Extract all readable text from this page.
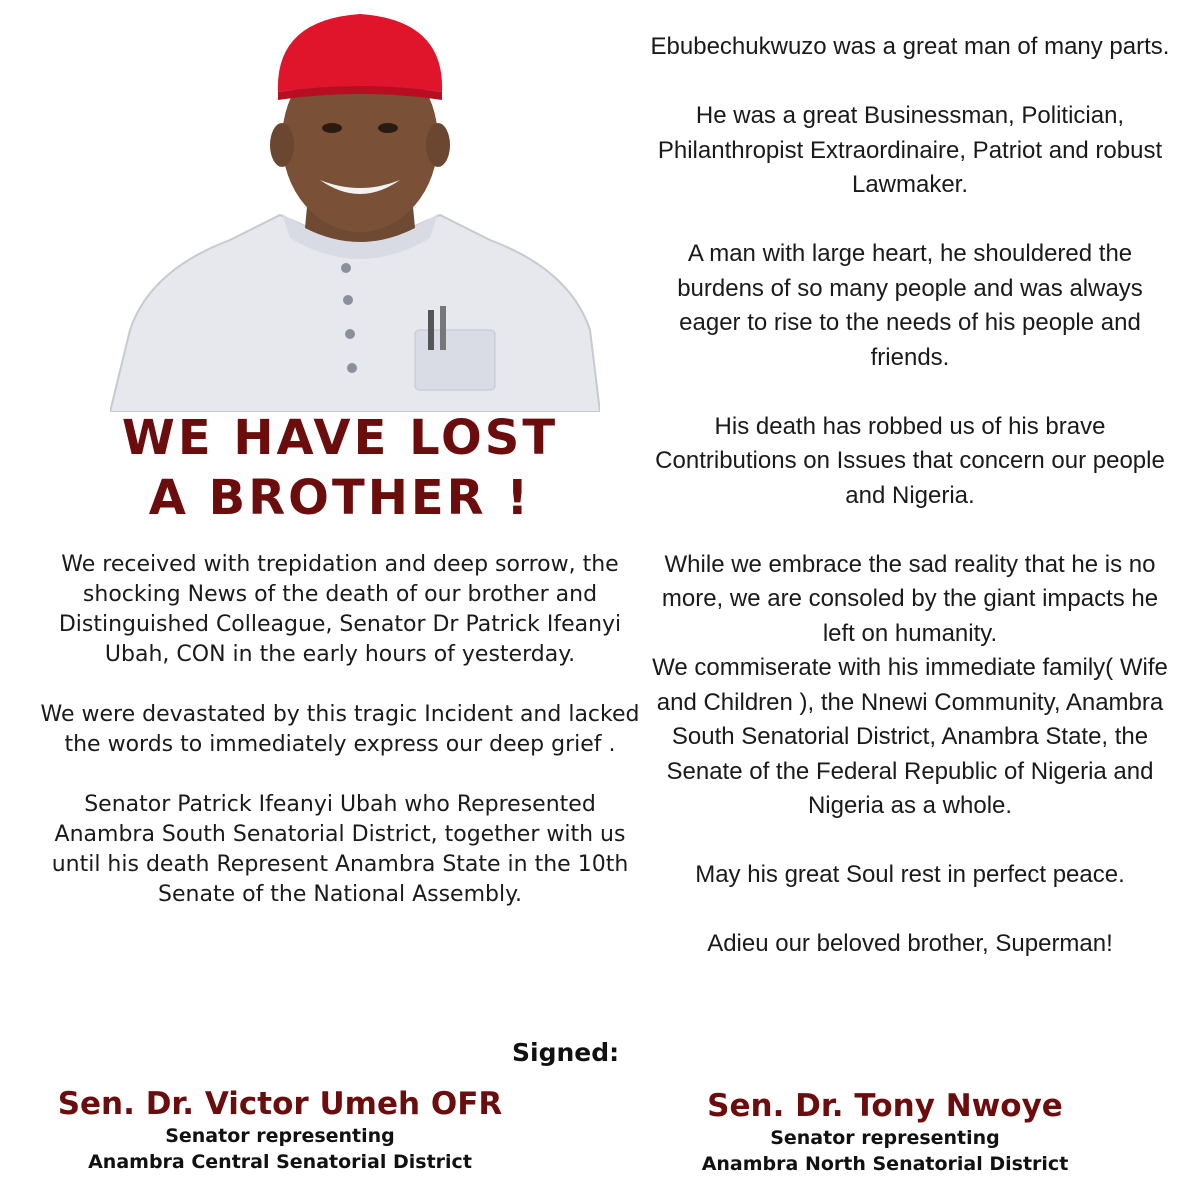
WE HAVE LOST
A BROTHER !

We received with trepidation and deep sorrow, the shocking News of the death of our brother and Distinguished Colleague, Senator Dr Patrick Ifeanyi Ubah, CON in the early hours of yesterday.

We were devastated by this tragic Incident and lacked the words to immediately express our deep grief .

Senator Patrick Ifeanyi Ubah who Represented Anambra South Senatorial District, together with us until his death Represent Anambra State in the 10th Senate of the National Assembly.

Ebubechukwuzo was a great man of many parts.

He was a great Businessman, Politician, Philanthropist Extraordinaire, Patriot and robust Lawmaker.

A man with large heart, he shouldered the burdens of so many people and was always eager to rise to the needs of his people and friends.

His death has robbed us of his brave Contributions on Issues that concern our people and Nigeria.

While we embrace the sad reality that he is no more, we are consoled by the giant impacts he left on humanity.

We commiserate with his immediate family( Wife and Children ), the Nnewi Community, Anambra South Senatorial District, Anambra State, the Senate of the Federal Republic of Nigeria and Nigeria as a whole.

May his great Soul rest in perfect peace.

Adieu our beloved brother, Superman!

Signed:
Sen. Dr. Victor Umeh OFR
Senator representing
Anambra Central Senatorial District
Sen. Dr. Tony Nwoye
Senator representing
Anambra North Senatorial District
